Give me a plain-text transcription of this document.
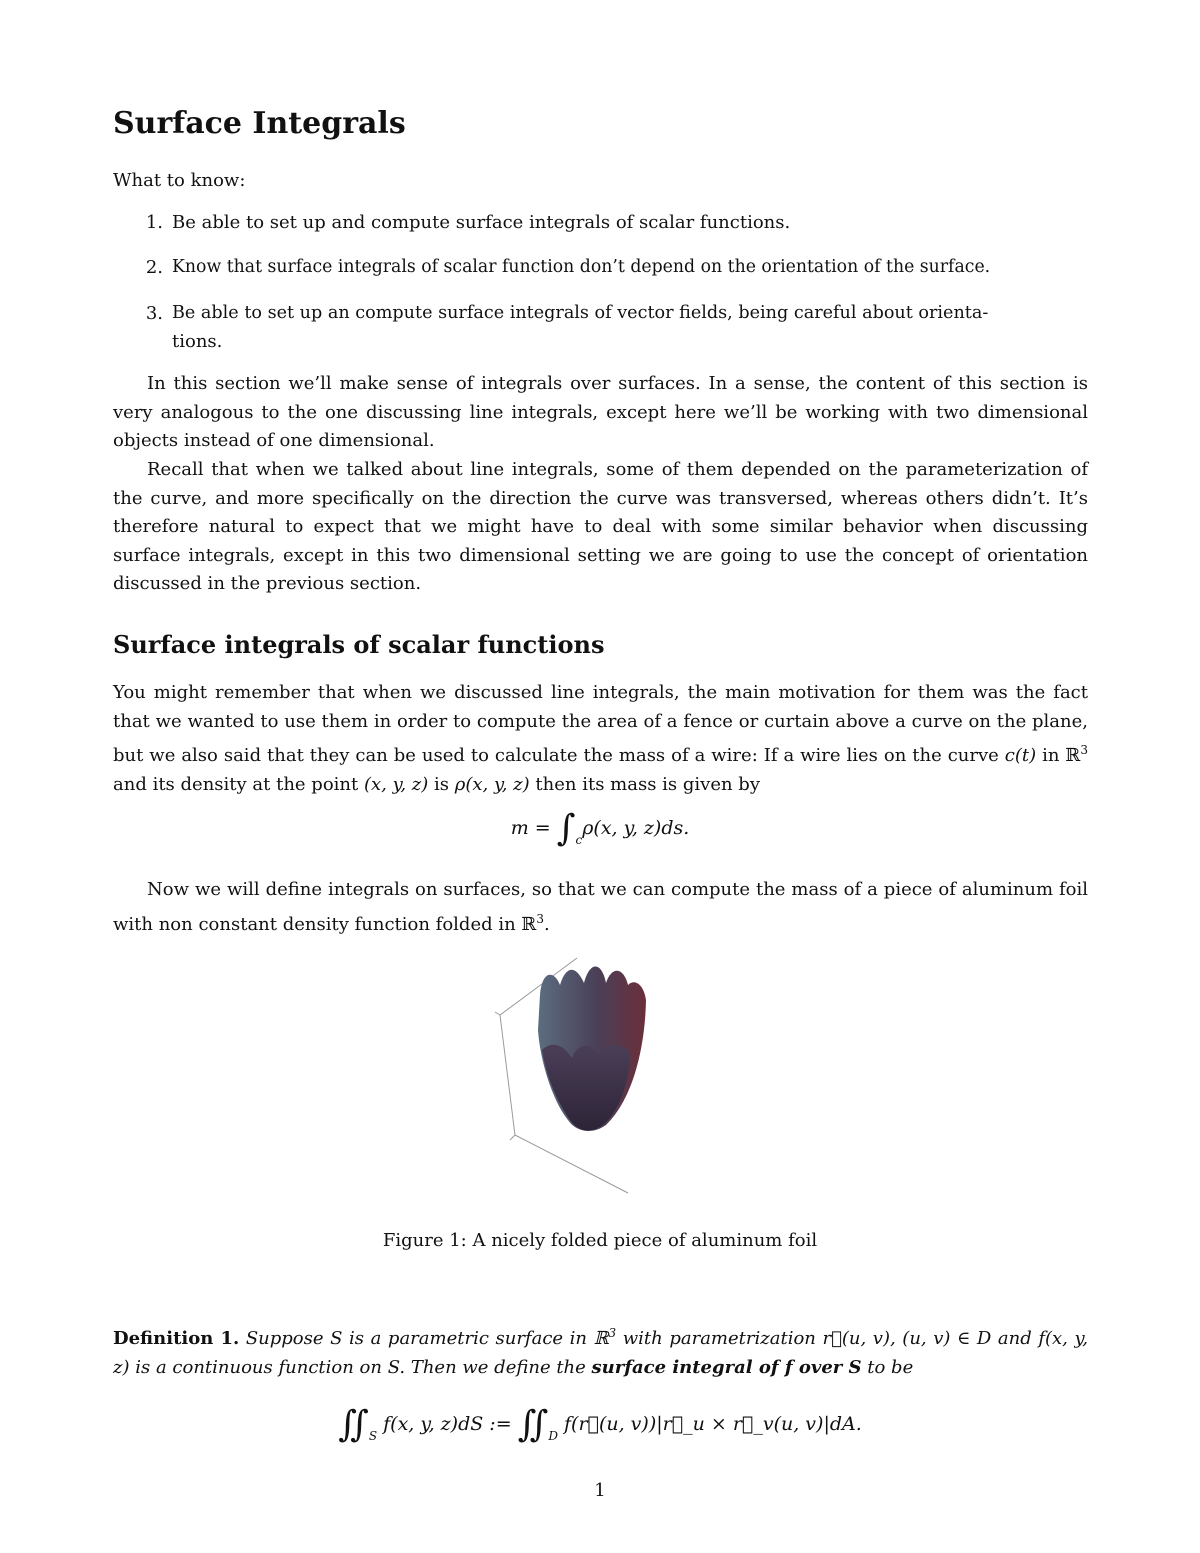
Surface Integrals
What to know:
1. Be able to set up and compute surface integrals of scalar functions.
2. Know that surface integrals of scalar function don’t depend on the orientation of the surface.
3. Be able to set up an compute surface integrals of vector fields, being careful about orienta-
tions.
In this section we’ll make sense of integrals over surfaces. In a sense, the content of this section is very analogous to the one discussing line integrals, except here we’ll be working with two dimensional objects instead of one dimensional.
Recall that when we talked about line integrals, some of them depended on the parameterization of the curve, and more specifically on the direction the curve was transversed, whereas others didn’t. It’s therefore natural to expect that we might have to deal with some similar behavior when discussing surface integrals, except in this two dimensional setting we are going to use the concept of orientation discussed in the previous section.
Surface integrals of scalar functions
You might remember that when we discussed line integrals, the main motivation for them was the fact that we wanted to use them in order to compute the area of a fence or curtain above a curve on the plane, but we also said that they can be used to calculate the mass of a wire: If a wire lies on the curve c(t) in ℝ$^3$ and its density at the point (x, y, z) is ρ(x, y, z) then its mass is given by
$m = \int_c\rho(x$, y, z)ds.
Now we will define integrals on surfaces, so that we can compute the mass of a piece of aluminum foil with non constant density function folded in ℝ$^3$.
Figure 1: A nicely folded piece of aluminum foil
Definition 1. Suppose S is a parametric surface in ℝ$^3$ with parametrization r⃗(u, v), (u, v) ∈ D and f(x, y, z) is a continuous function on S. Then we define the surface integral of f over S to be
$∬_S$ f(x, y, z)dS := $∬_D$ f(r⃗(u, v))|r⃗_u × r⃗_v(u, v)|dA.
1
